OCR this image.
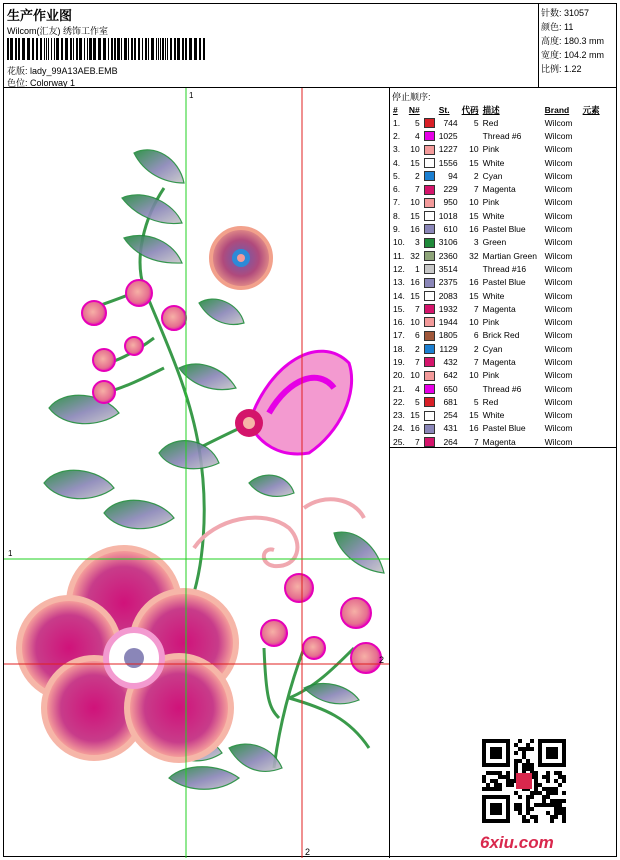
生产作业图
Wilcom(汇友) 绣饰工作室
花版: lady_99A13AEB.EMB
色位: Colorway 1
针数: 31057
颜色: 11
高度: 180.3 mm
宽度: 104.2 mm
比例: 1.22
1
2
1
2
停止顺序:
#	N#		St.	代码	描述	Brand	元素
1.	5		744	5	Red	Wilcom	
2.	4		1025		Thread #6	Wilcom	
3.	10		1227	10	Pink	Wilcom	
4.	15		1556	15	White	Wilcom	
5.	2		94	2	Cyan	Wilcom	
6.	7		229	7	Magenta	Wilcom	
7.	10		950	10	Pink	Wilcom	
8.	15		1018	15	White	Wilcom	
9.	16		610	16	Pastel Blue	Wilcom	
10.	3		3106	3	Green	Wilcom	
11.	32		2360	32	Martian Green	Wilcom	
12.	1		3514		Thread #16	Wilcom	
13.	16		2375	16	Pastel Blue	Wilcom	
14.	15		2083	15	White	Wilcom	
15.	7		1932	7	Magenta	Wilcom	
16.	10		1944	10	Pink	Wilcom	
17.	6		1805	6	Brick Red	Wilcom	
18.	2		1129	2	Cyan	Wilcom	
19.	7		432	7	Magenta	Wilcom	
20.	10		642	10	Pink	Wilcom	
21.	4		650		Thread #6	Wilcom	
22.	5		681	5	Red	Wilcom	
23.	15		254	15	White	Wilcom	
24.	16		431	16	Pastel Blue	Wilcom	
25.	7		264	7	Magenta	Wilcom	
6xiu.com
